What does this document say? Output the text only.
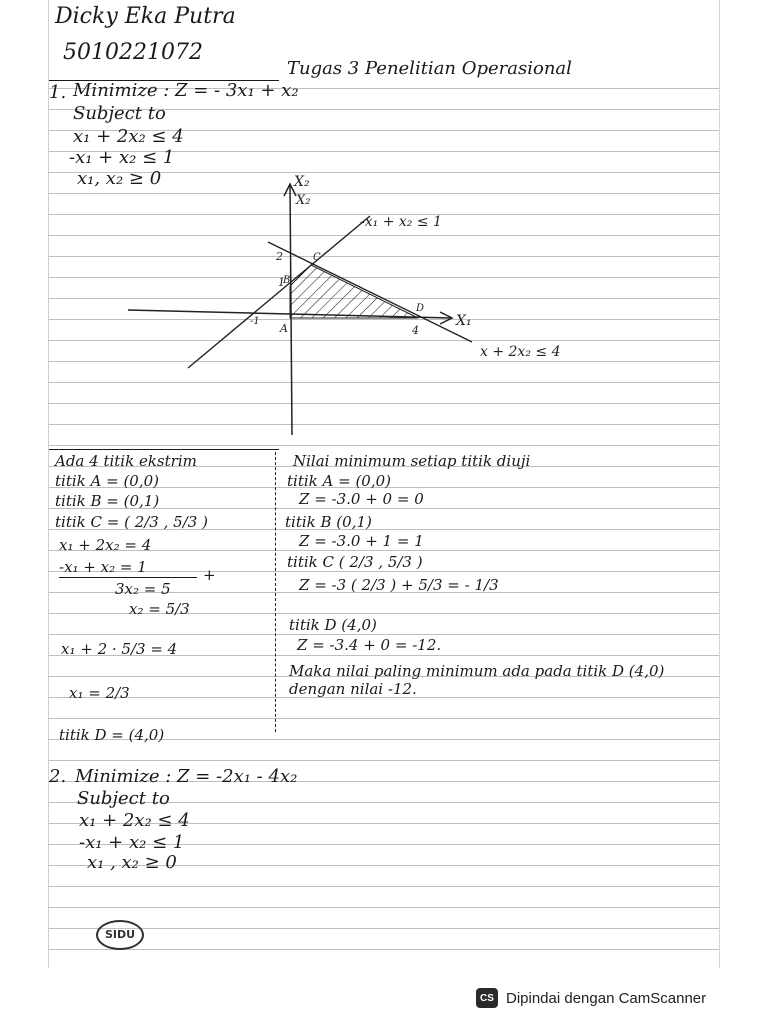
Dicky Eka Putra
5010221072
Tugas 3 Penelitian Operasional
1. Minimize : Z = - 3x₁ + x₂
Subject to
x₁ + 2x₂ ≤ 4
-x₁ + x₂ ≤ 1
x₁, x₂ ≥ 0
Ada 4 titik ekstrim
titik A = (0,0)
titik B = (0,1)
titik C = ( 2/3 , 5/3 )
x₁ + 2x₂ = 4
-x₁ + x₂ = 1	+
3x₂ = 5
x₂ = 5/3
x₁ + 2 · 5/3 = 4
x₁ = 2/3
titik D = (4,0)
Nilai minimum setiap titik diuji
titik A = (0,0)
Z = -3.0 + 0 = 0
titik B (0,1)
Z = -3.0 + 1 = 1
titik C ( 2/3 , 5/3 )
Z = -3 ( 2/3 ) + 5/3 = - 1/3
titik D (4,0)
Z = -3.4 + 0 = -12.
Maka nilai paling minimum ada pada titik D (4,0)
dengan nilai -12.
2. Minimize : Z = -2x₁ - 4x₂
Subject to
x₁ + 2x₂ ≤ 4
-x₁ + x₂ ≤ 1
x₁ , x₂ ≥ 0
X₂
X₂
X₁
-x₁ + x₂ ≤ 1
x + 2x₂ ≤ 4
2
1
B
C
A
D
4
-1
SIDU
CS Dipindai dengan CamScanner
